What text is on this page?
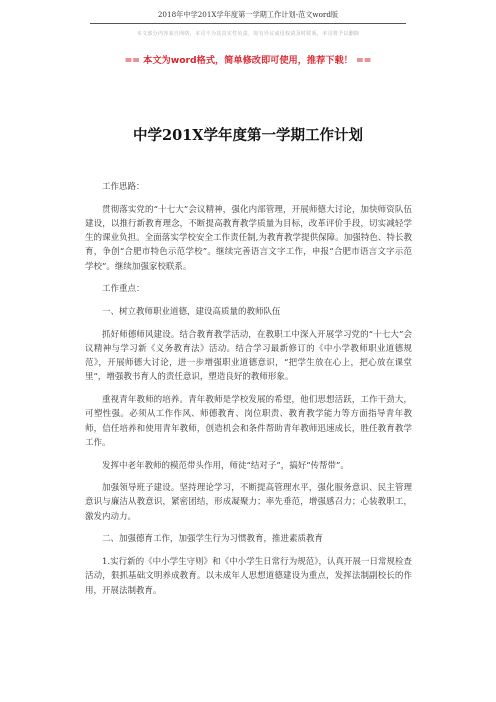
2018年中学201X学年度第一学期工作计划-范文word版
本文部分内容来自网络，本司不为其真实性负责，如有异议或侵权请及时联系，本司将予以删除
== 本文为word格式，简单修改即可使用，推荐下载！ ==
中学201X学年度第一学期工作计划

工作思路：

贯彻落实党的“十七大”会议精神，强化内部管理，开展师德大讨论，加快师资队伍建设，以推行新教育理念，不断提高教育教学质量为目标，改革评价手段，切实减轻学生的课业负担。全面落实学校安全工作责任制,为教育教学提供保障。加强特色、特长教育，争创“合肥市特色示范学校”。继续完善语言文字工作，申报“合肥市语言文字示范学校”。继续加强家校联系。

工作重点：

一、树立教师职业道德，建设高质量的教师队伍

抓好师德师风建设。结合教育教学活动，在教职工中深入开展学习党的“十七大”会议精神与学习新《义务教育法》活动。结合学习最新修订的《中小学教师职业道德规范》，开展师德大讨论，进一步增强职业道德意识，“把学生放在心上，把心放在课堂里”，增强教书育人的责任意识，塑造良好的教师形象。

重视青年教师的培养。青年教师是学校发展的希望，他们思想活跃，工作干劲大，可塑性强。必须从工作作风、师德教育、岗位职责、教育教学能力等方面指导青年教师，信任培养和使用青年教师，创造机会和条件帮助青年教师迅速成长，胜任教育教学工作。

发挥中老年教师的模范带头作用，师徒“结对子”，搞好“传帮带”。

加强领导班子建设。坚持理论学习，不断提高管理水平，强化服务意识、民主管理意识与廉洁从教意识，紧密团结，形成凝聚力；率先垂范，增强感召力；心装教职工，激发内动力。

二、加强德育工作，加强学生行为习惯教育，推进素质教育

1.实行新的《中小学生守则》和《中小学生日常行为规范》，认真开展一日常规检查活动，狠抓基础文明养成教育。以未成年人思想道德建设为重点，发挥法制副校长的作用，开展法制教育。
